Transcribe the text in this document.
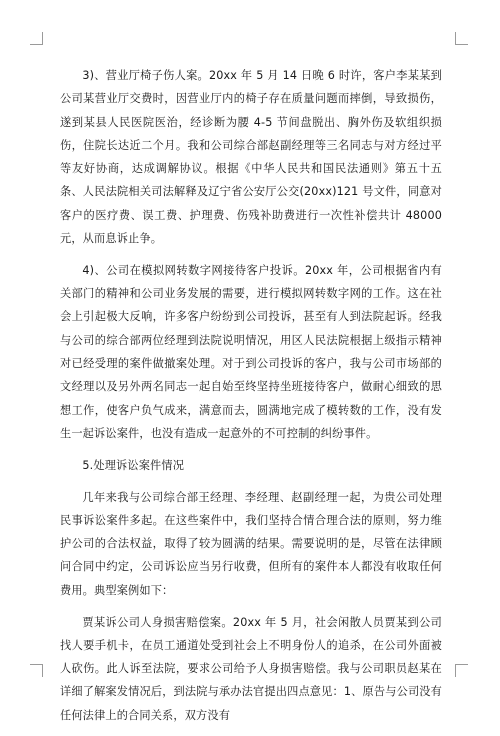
3)、营业厅椅子伤人案。20xx 年 5 月 14 日晚 6 时许，客户李某某到公司某营业厅交费时，因营业厅内的椅子存在质量问题而摔倒，导致损伤，遂到某县人民医院医治，经诊断为腰 4-5 节间盘脱出、胸外伤及软组织损伤，住院长达近二个月。我和公司综合部赵副经理等三名同志与对方经过平等友好协商，达成调解协议。根据《中华人民共和国民法通则》第五十五条、人民法院相关司法解释及辽宁省公安厅公交(20xx)121 号文件，同意对客户的医疗费、误工费、护理费、伤残补助费进行一次性补偿共计 48000 元，从而息诉止争。

4)、公司在模拟网转数字网接待客户投诉。20xx 年，公司根据省内有关部门的精神和公司业务发展的需要，进行模拟网转数字网的工作。这在社会上引起极大反响，许多客户纷纷到公司投诉，甚至有人到法院起诉。经我与公司的综合部两位经理到法院说明情况，用区人民法院根据上级指示精神对已经受理的案件做撤案处理。对于到公司投诉的客户，我与公司市场部的文经理以及另外两名同志一起自始至终坚持坐班接待客户，做耐心细致的思想工作，使客户负气成来，满意而去，圆满地完成了模转数的工作，没有发生一起诉讼案件，也没有造成一起意外的不可控制的纠纷事件。

5.处理诉讼案件情况

几年来我与公司综合部王经理、李经理、赵副经理一起，为贵公司处理民事诉讼案件多起。在这些案件中，我们坚持合情合理合法的原则，努力维护公司的合法权益，取得了较为圆满的结果。需要说明的是，尽管在法律顾问合同中约定，公司诉讼应当另行收费，但所有的案件本人都没有收取任何费用。典型案例如下：

贾某诉公司人身损害赔偿案。20xx 年 5 月，社会闲散人员贾某到公司找人要手机卡，在员工通道处受到社会上不明身份人的追杀，在公司外面被人砍伤。此人诉至法院，要求公司给予人身损害赔偿。我与公司职员赵某在详细了解案发情况后，到法院与承办法官提出四点意见：1、原告与公司没有任何法律上的合同关系，双方没有
